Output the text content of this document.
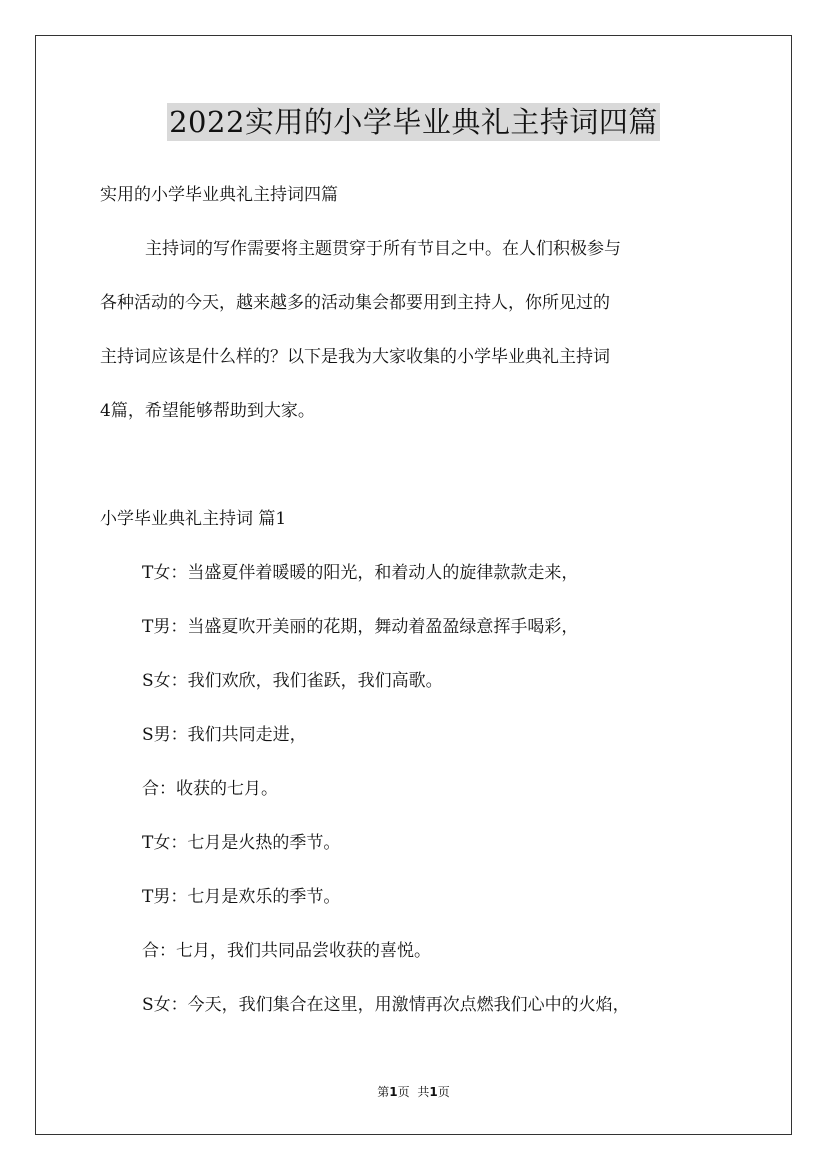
2022实用的小学毕业典礼主持词四篇
实用的小学毕业典礼主持词四篇
主持词的写作需要将主题贯穿于所有节目之中。在人们积极参与
各种活动的今天，越来越多的活动集会都要用到主持人，你所见过的
主持词应该是什么样的？以下是我为大家收集的小学毕业典礼主持词
4篇，希望能够帮助到大家。
小学毕业典礼主持词 篇1
T女：当盛夏伴着暖暖的阳光，和着动人的旋律款款走来，
T男：当盛夏吹开美丽的花期，舞动着盈盈绿意挥手喝彩，
S女：我们欢欣，我们雀跃，我们高歌。
S男：我们共同走进，
合：收获的七月。
T女：七月是火热的季节。
T男：七月是欢乐的季节。
合：七月，我们共同品尝收获的喜悦。
S女：今天，我们集合在这里，用激情再次点燃我们心中的火焰，
第1页 共1页
